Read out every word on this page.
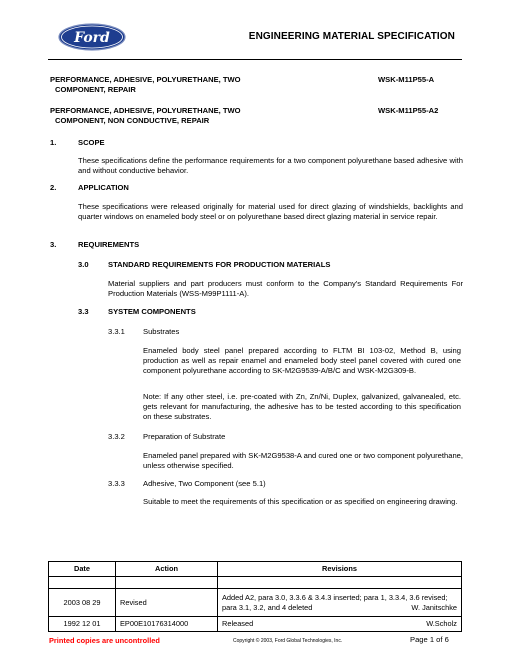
Ford	ENGINEERING MATERIAL SPECIFICATION
PERFORMANCE, ADHESIVE, POLYURETHANE, TWO
COMPONENT, REPAIR
WSK-M11P55-A
PERFORMANCE, ADHESIVE, POLYURETHANE, TWO
COMPONENT, NON CONDUCTIVE, REPAIR
WSK-M11P55-A2
1.	SCOPE
These specifications define the performance requirements for a two component polyurethane based adhesive with and without conductive behavior.
2.	APPLICATION
These specifications were released originally for material used for direct glazing of windshields, backlights and quarter windows on enameled body steel or on polyurethane based direct glazing material in service repair.
3.	REQUIREMENTS
3.0	STANDARD REQUIREMENTS FOR PRODUCTION MATERIALS
Material suppliers and part producers must conform to the Company's Standard Requirements For Production Materials (WSS-M99P1111-A).
3.3	SYSTEM COMPONENTS
3.3.1 Substrates
Enameled body steel panel prepared according to FLTM BI 103-02, Method B, using production as well as repair enamel and enameled body steel panel covered with cured one component polyurethane according to SK-M2G9539-A/B/C and WSK-M2G309-B.
Note: If any other steel, i.e. pre-coated with Zn, Zn/Ni, Duplex, galvanized, galvanealed, etc. gets relevant for manufacturing, the adhesive has to be tested according to this specification on these substrates.
3.3.2 Preparation of Substrate
Enameled panel prepared with SK-M2G9538-A and cured one or two component polyurethane, unless otherwise specified.
3.3.3 Adhesive, Two Component (see 5.1)
Suitable to meet the requirements of this specification or as specified on engineering drawing.
Date	Action	Revisions

2003 08 29	Revised	Added A2, para 3.0, 3.3.6 & 3.4.3 inserted; para 1, 3.3.4, 3.6 revised; para 3.1, 3.2, and 4 deleted W. Janitschke

1992 12 01	EP00E10176314000	Released W.Scholz
Printed copies are uncontrolled	Copyright © 2003, Ford Global Technologies, Inc.	Page 1 of 6
